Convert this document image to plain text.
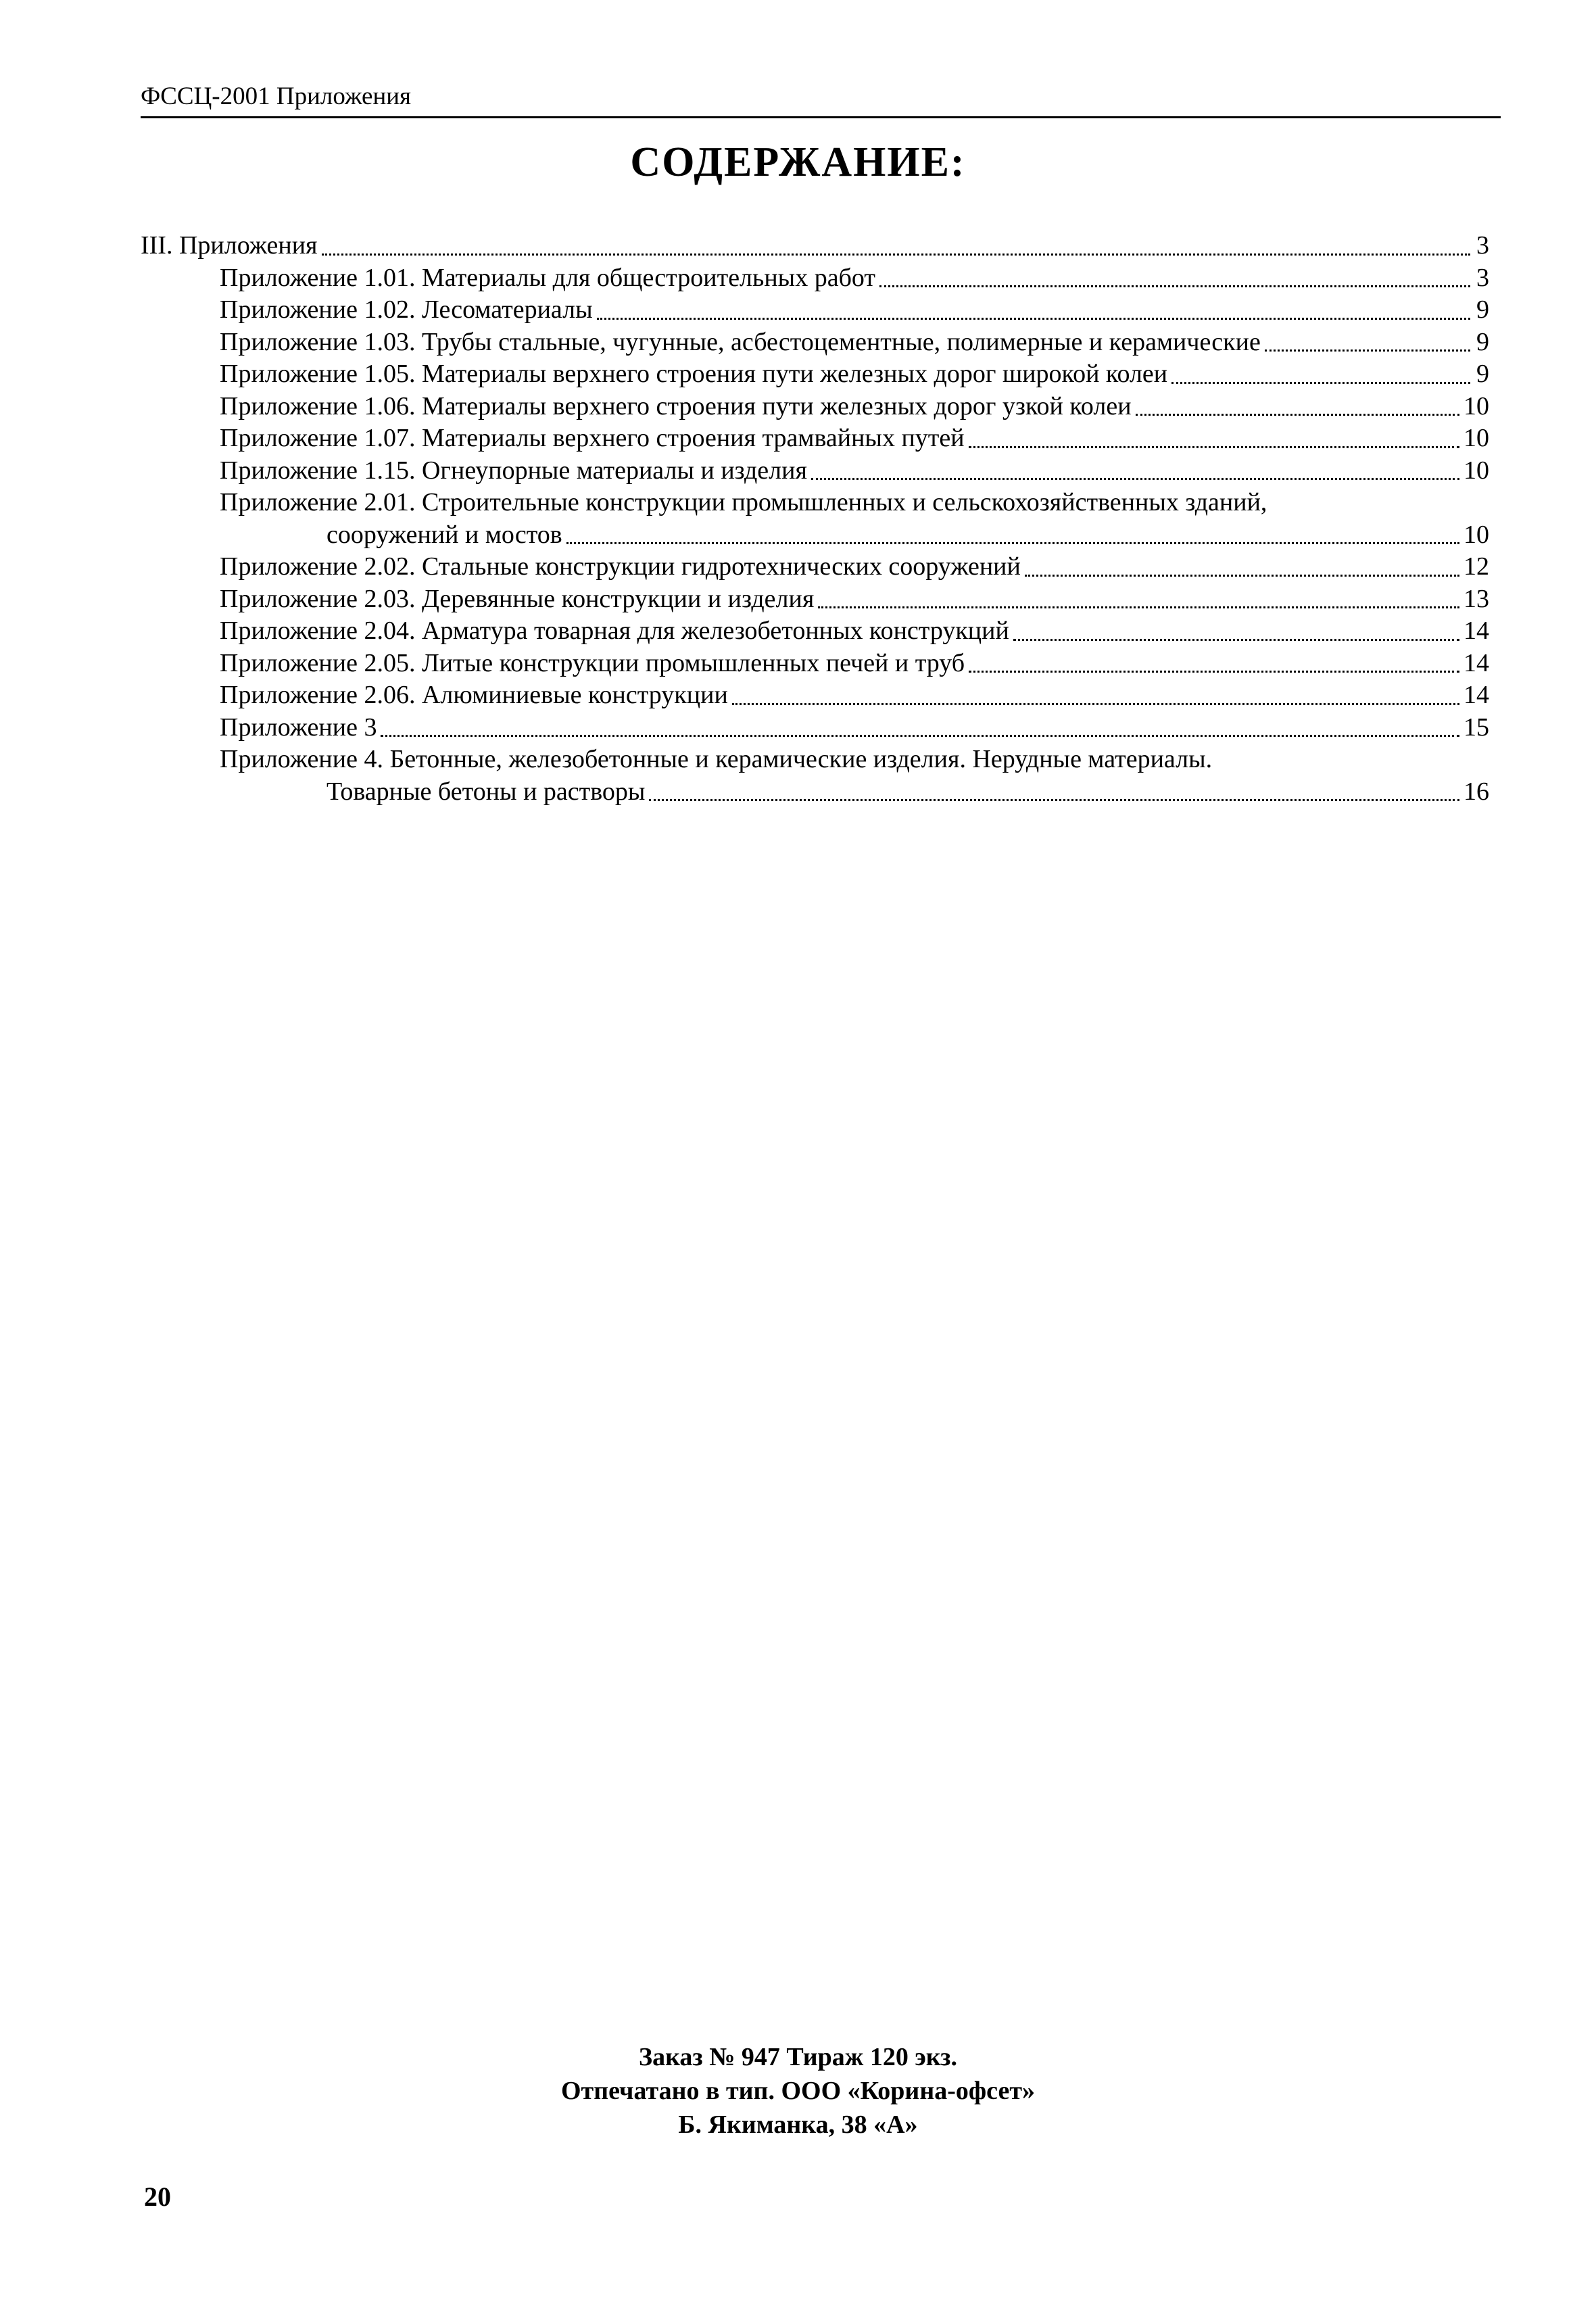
ФССЦ-2001 Приложения
СОДЕРЖАНИЕ:
III. Приложения	3
Приложение 1.01. Материалы для общестроительных работ	3
Приложение 1.02. Лесоматериалы	9
Приложение 1.03. Трубы стальные, чугунные, асбестоцементные, полимерные и керамические	9
Приложение 1.05. Материалы верхнего строения пути железных дорог широкой колеи	9
Приложение 1.06. Материалы верхнего строения пути железных дорог узкой колеи	10
Приложение 1.07. Материалы верхнего строения трамвайных путей	10
Приложение 1.15. Огнеупорные материалы и изделия	10
Приложение 2.01. Строительные конструкции промышленных и сельскохозяйственных зданий,
сооружений и мостов	10
Приложение 2.02. Стальные конструкции гидротехнических сооружений	12
Приложение 2.03. Деревянные конструкции и изделия	13
Приложение 2.04. Арматура товарная для железобетонных конструкций	14
Приложение 2.05. Литые конструкции промышленных печей и труб	14
Приложение 2.06. Алюминиевые конструкции	14
Приложение 3	15
Приложение 4. Бетонные, железобетонные и керамические изделия. Нерудные материалы.
Товарные бетоны и растворы	16
Заказ № 947 Тираж 120 экз.
Отпечатано в тип. ООО «Корина-офсет»
Б. Якиманка, 38 «А»
20
